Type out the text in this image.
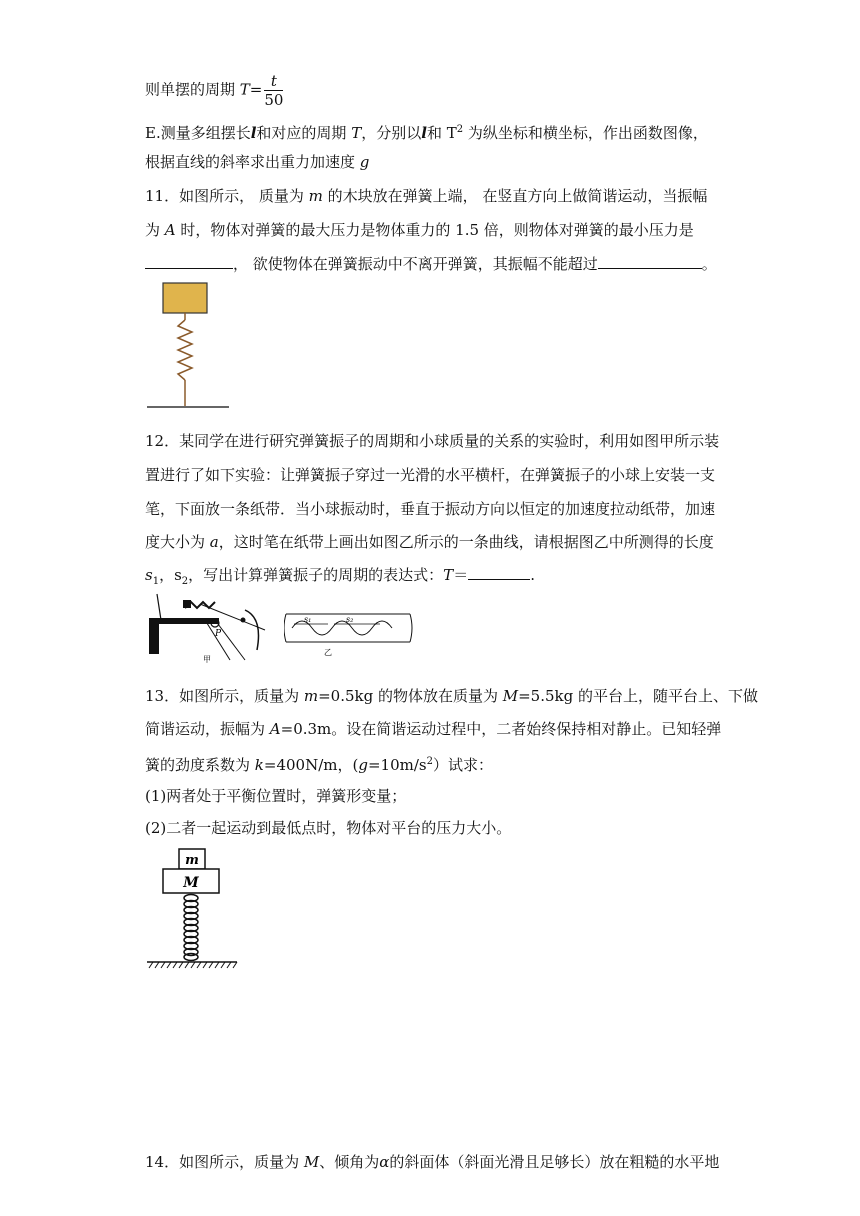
则单摆的周期 $T= \frac{t}{50}$
E.测量多组摆长l和对应的周期 T，分别以l和 $T^2$ 为纵坐标和横坐标，作出函数图像，
根据直线的斜率求出重力加速度 g
11．如图所示， 质量为 m 的木块放在弹簧上端， 在竖直方向上做简谐运动，当振幅
为 A 时，物体对弹簧的最大压力是物体重力的 1.5 倍，则物体对弹簧的最小压力是
， 欲使物体在弹簧振动中不离开弹簧，其振幅不能超过	。
12．某同学在进行研究弹簧振子的周期和小球质量的关系的实验时，利用如图甲所示装
置进行了如下实验：让弹簧振子穿过一光滑的水平横杆，在弹簧振子的小球上安装一支
笔，下面放一条纸带．当小球振动时，垂直于振动方向以恒定的加速度拉动纸带，加速
度大小为 a，这时笔在纸带上画出如图乙所示的一条曲线，请根据图乙中所测得的长度
$s_1$，$s_2$，写出计算弹簧振子的周期的表达式：T＝	.
P
甲
s₁	s₂
乙
13．如图所示，质量为 m=0.5kg 的物体放在质量为 M=5.5kg 的平台上，随平台上、下做
简谐运动，振幅为 A=0.3m。设在简谐运动过程中，二者始终保持相对静止。已知轻弹
簧的劲度系数为 k=400N/m，$(g=10m/s^2)$试求：
(1)两者处于平衡位置时，弹簧形变量；
(2)二者一起运动到最低点时，物体对平台的压力大小。
m
M
14．如图所示，质量为 M、倾角为α的斜面体（斜面光滑且足够长）放在粗糙的水平地
